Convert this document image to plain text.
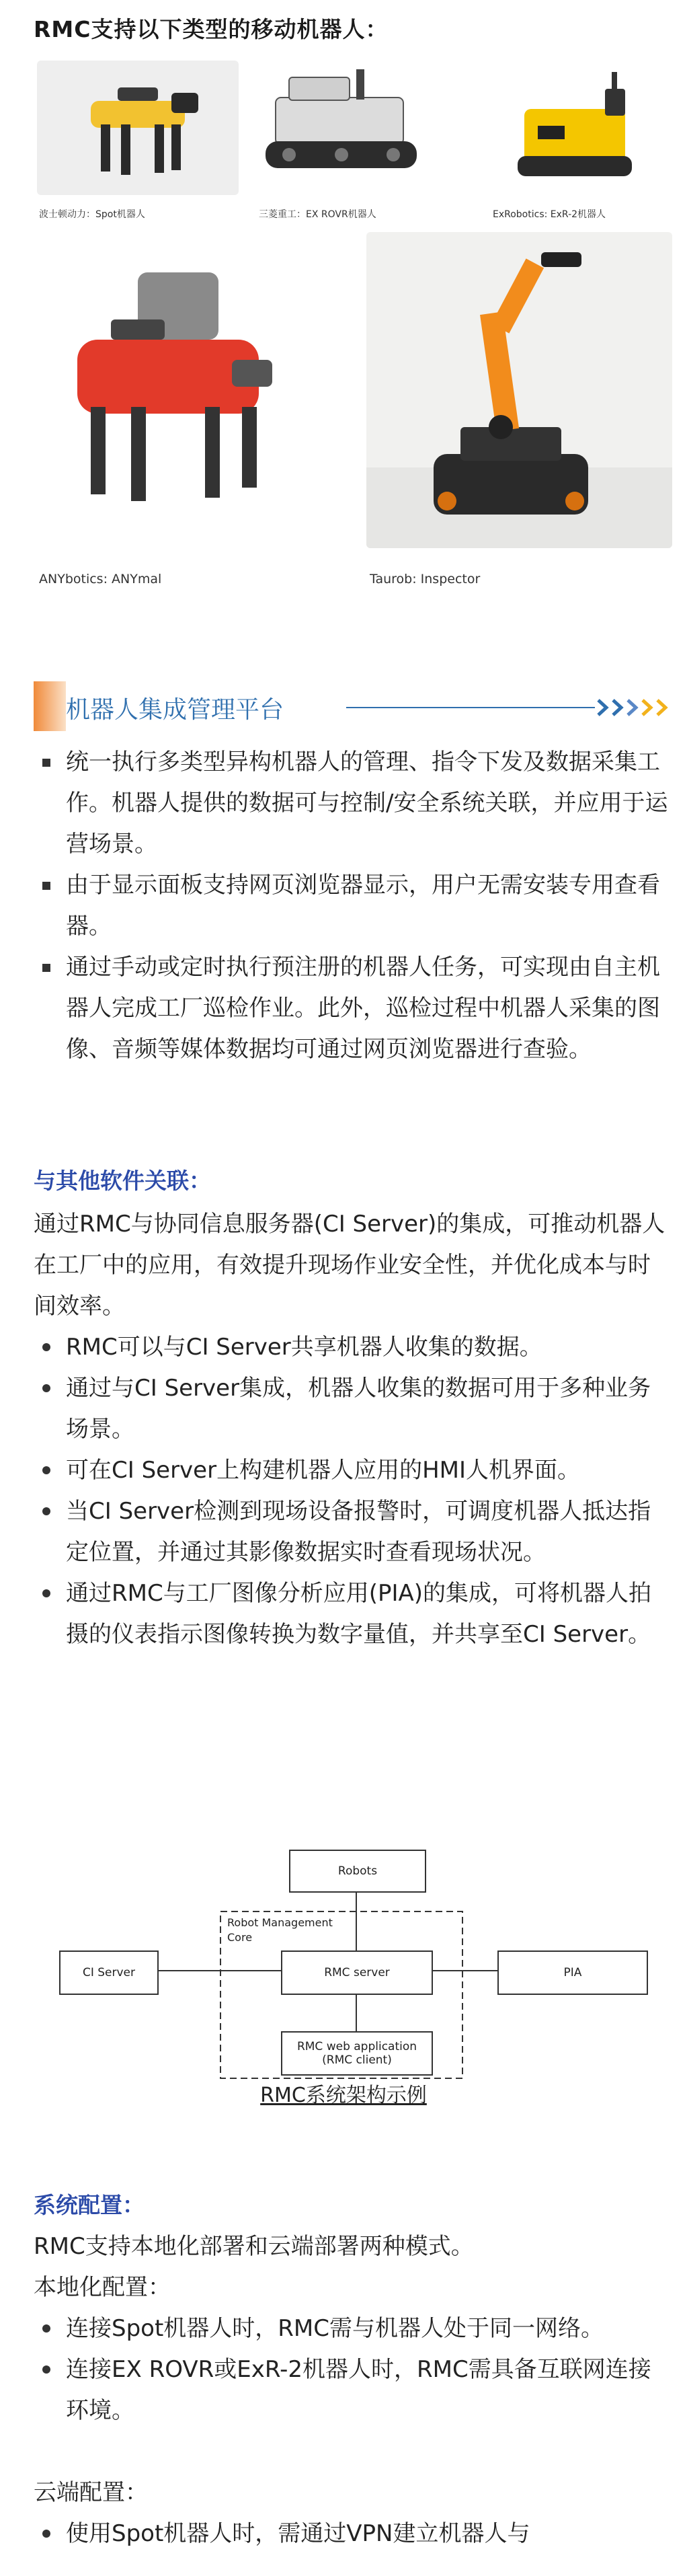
RMC支持以下类型的移动机器人：
波士顿动力：Spot机器人	三菱重工：EX ROVR机器人	ExRobotics: ExR-2机器人
ANYbotics: ANYmal	Taurob: Inspector
机器人集成管理平台
统一执行多类型异构机器人的管理、指令下发及数据采集工作。机器人提供的数据可与控制/安全系统关联，并应用于运营场景。
由于显示面板支持网页浏览器显示，用户无需安装专用查看器。
通过手动或定时执行预注册的机器人任务，可实现由自主机器人完成工厂巡检作业。此外，巡检过程中机器人采集的图像、音频等媒体数据均可通过网页浏览器进行查验。
与其他软件关联：
通过RMC与协同信息服务器(CI Server)的集成，可推动机器人在工厂中的应用，有效提升现场作业安全性，并优化成本与时间效率。
RMC可以与CI Server共享机器人收集的数据。
通过与CI Server集成，机器人收集的数据可用于多种业务场景。
可在CI Server上构建机器人应用的HMI人机界面。
当CI Server检测到现场设备报警时，可调度机器人抵达指定位置，并通过其影像数据实时查看现场状况。
通过RMC与工厂图像分析应用(PIA)的集成，可将机器人拍摄的仪表指示图像转换为数字量值，并共享至CI Server。
Robots
Robot Management
Core
CI Server	RMC server	PIA
RMC web application
(RMC client)
RMC系统架构示例
系统配置：
RMC支持本地化部署和云端部署两种模式。
本地化配置：
连接Spot机器人时，RMC需与机器人处于同一网络。
连接EX ROVR或ExR-2机器人时，RMC需具备互联网连接环境。
云端配置：
使用Spot机器人时，需通过VPN建立机器人与
